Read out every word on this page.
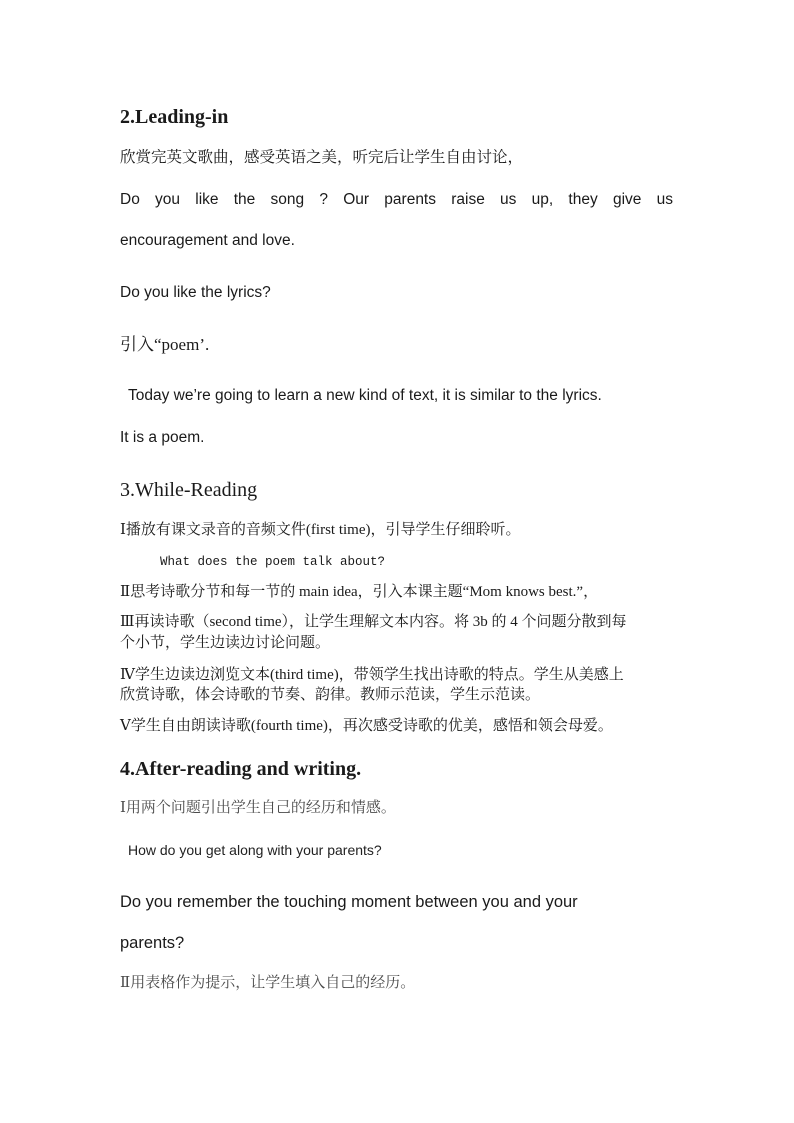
2.Leading-in
欣赏完英文歌曲，感受英语之美，听完后让学生自由讨论，
Do you like the song ? Our parents raise us up, they give us
encouragement and love.
Do you like the lyrics?
引入“poem’.
Today we’re going to learn a new kind of text, it is similar to the lyrics.
It is a poem.
3.While-Reading
Ⅰ播放有课文录音的音频文件(first time)，引导学生仔细聆听。
What does the poem talk about?
Ⅱ思考诗歌分节和每一节的 main idea，引入本课主题“Mom knows best.”，
Ⅲ再读诗歌（second time），让学生理解文本内容。将 3b 的 4 个问题分散到每
个小节，学生边读边讨论问题。
Ⅳ学生边读边浏览文本(third time)，带领学生找出诗歌的特点。学生从美感上
欣赏诗歌，体会诗歌的节奏、韵律。教师示范读，学生示范读。
Ⅴ学生自由朗读诗歌(fourth time)，再次感受诗歌的优美，感悟和领会母爱。
4.After-reading and writing.
Ⅰ用两个问题引出学生自己的经历和情感。
How do you get along with your parents?
Do you remember the touching moment between you and your
parents?
Ⅱ用表格作为提示，让学生填入自己的经历。
